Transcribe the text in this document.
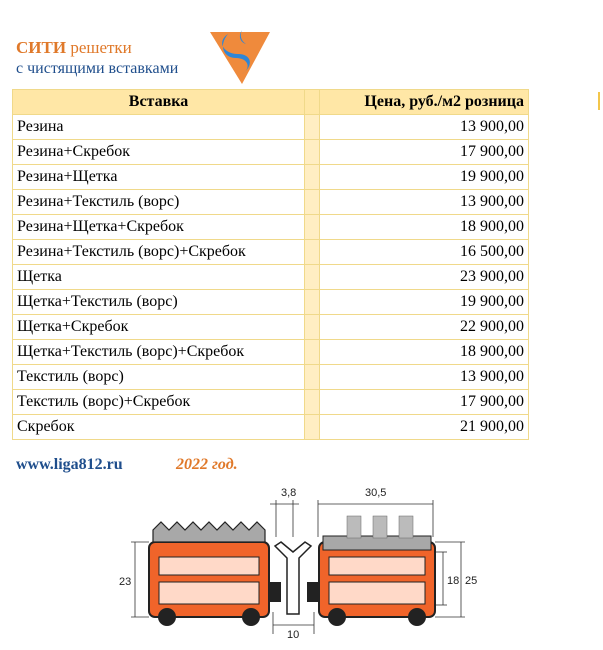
СИТИ решетки
с чистящими вставками
Вставка		Цена, руб./м2 розница
Резина		13 900,00
Резина+Скребок		17 900,00
Резина+Щетка		19 900,00
Резина+Текстиль (ворс)		13 900,00
Резина+Щетка+Скребок		18 900,00
Резина+Текстиль (ворс)+Скребок		16 500,00
Щетка		23 900,00
Щетка+Текстиль (ворс)		19 900,00
Щетка+Скребок		22 900,00
Щетка+Текстиль (ворс)+Скребок		18 900,00
Текстиль (ворс)		13 900,00
Текстиль (ворс)+Скребок		17 900,00
Скребок		21 900,00
www.liga812.ru	2022 год.
3,8	30,5
23	18 25
10
